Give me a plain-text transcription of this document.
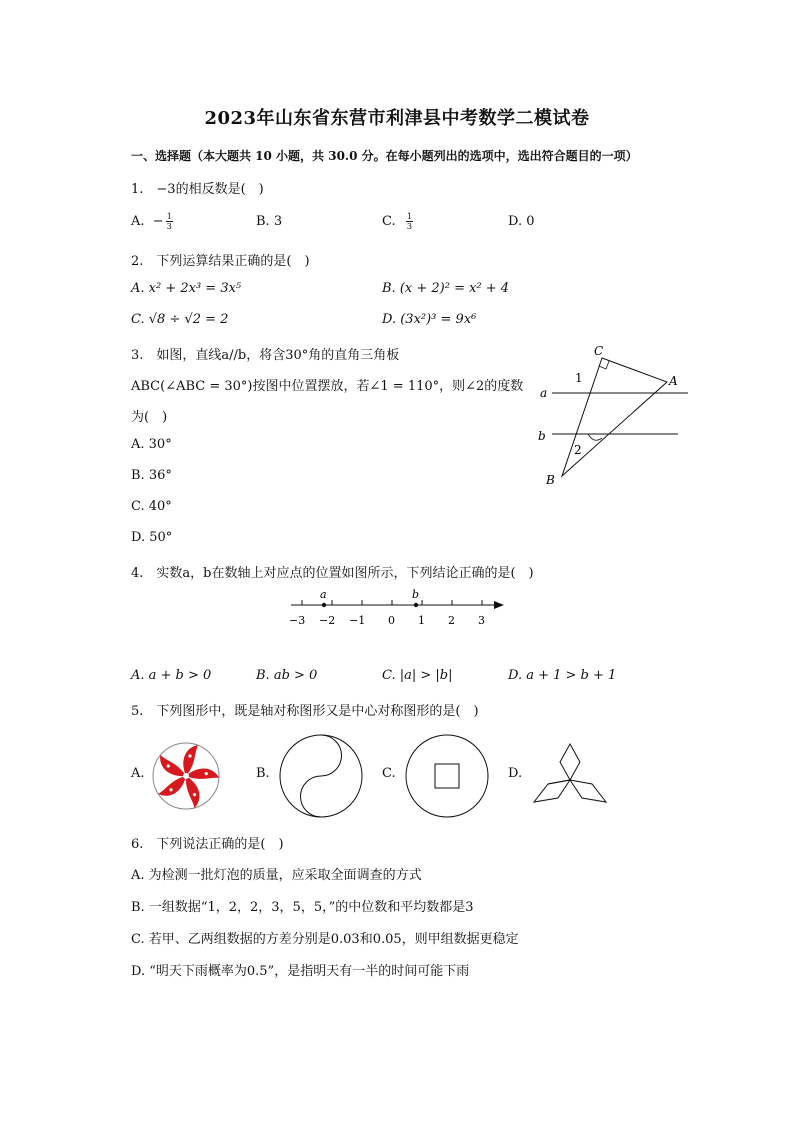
2023年山东省东营市利津县中考数学二模试卷
一、选择题（本大题共 10 小题，共 30.0 分。在每小题列出的选项中，选出符合题目的一项）
1.　−3的相反数是(　)
A. − $\frac{1}{3}$	B. 3	C. $\frac{1}{3}$	D. 0
2.　下列运算结果正确的是(　)
A. x² + 2x³ = 3x⁵	B. (x + 2)² = x² + 4
C. √8 ÷ √2 = 2	D. (3x²)³ = 9x⁶
3.　如图，直线a//b，将含30°角的直角三角板
ABC(∠ABC = 30°)按图中位置摆放，若∠1 = 110°，则∠2的度数
为(　)
A. 30°
B. 36°
C. 40°
D. 50°
C
A
B
a
b
1
2
4.　实数a，b在数轴上对应点的位置如图所示，下列结论正确的是(　)
a	b
−3 −2 −1 0 1 2 3
A. a + b > 0	B. ab > 0	C. |a| > |b|	D. a + 1 > b + 1
5.　下列图形中，既是轴对称图形又是中心对称图形的是(　)
A.	B.	C.	D.
6.　下列说法正确的是(　)
A. 为检测一批灯泡的质量，应采取全面调查的方式
B. 一组数据“1，2，2，3，5，5，”的中位数和平均数都是3
C. 若甲、乙两组数据的方差分别是0.03和0.05，则甲组数据更稳定
D. “明天下雨概率为0.5”，是指明天有一半的时间可能下雨
